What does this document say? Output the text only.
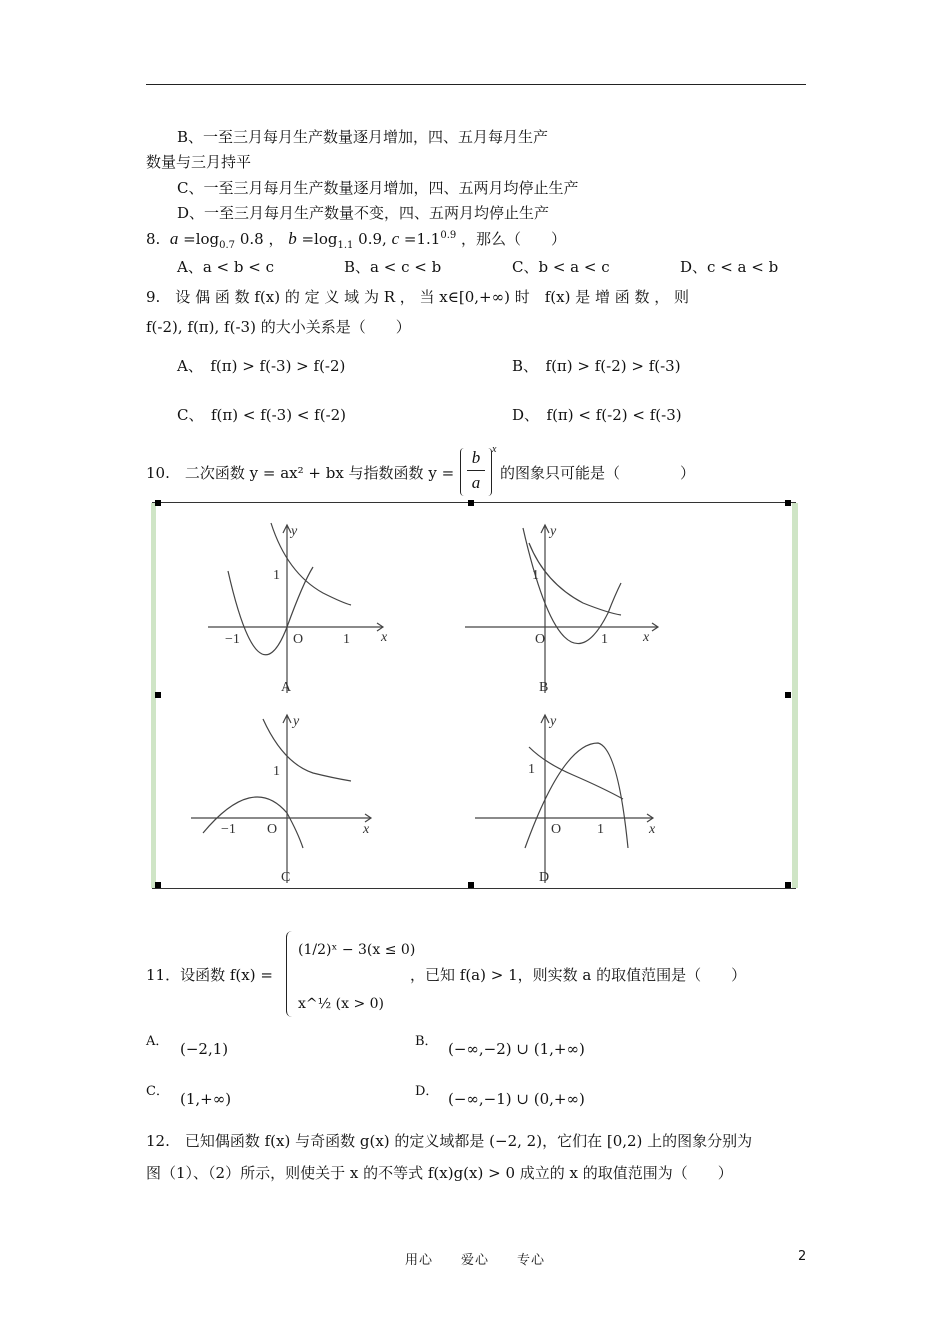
B、一至三月每月生产数量逐月增加，四、五月每月生产
数量与三月持平
C、一至三月每月生产数量逐月增加，四、五两月均停止生产
D、一至三月每月生产数量不变，四、五两月均停止生产
8. $a =\log_{0.7}$ 0.8 ， $b =\log_{1.1}$ 0.9, $c =1.1^{0.9}$ ，那么（　　）
A、a < b < c	B、a < c < b	C、b < a < c	D、c < a < b
9.　设 偶 函 数 f(x) 的 定 义 域 为 R ， 当 x∈[0,+∞) 时　f(x) 是 增 函 数 ， 则
f(-2), f(π), f(-3) 的大小关系是（　　）
A、　f(π) > f(-3) > f(-2)	B、　f(π) > f(-2) > f(-3)
C、　f(π) < f(-3) < f(-2)	D、　f(π) < f(-2) < f(-3)
10.　二次函数 y = ax² + bx 与指数函数 y =
b
a
x
的图象只可能是（　　　　）
y
x
1
−1	O	1
A
y
x
1
O	1
B
y
x
1
−1 O
C
y
x
1
O	1
D
11．设函数 f(x) =
(1/2)ˣ − 3(x ≤ 0)
x^½ (x > 0)
，已知 f(a) > 1，则实数 a 的取值范围是（　　）
A． (−2,1)	B． (−∞,−2) ∪ (1,+∞)
C． (1,+∞)	D． (−∞,−1) ∪ (0,+∞)
12.　已知偶函数 f(x) 与奇函数 g(x) 的定义域都是 (−2, 2)，它们在 [0,2) 上的图象分别为
图（1）、（2）所示，则使关于 x 的不等式 f(x)g(x) > 0 成立的 x 的取值范围为（　　）
用心　　爱心　　专心	2
